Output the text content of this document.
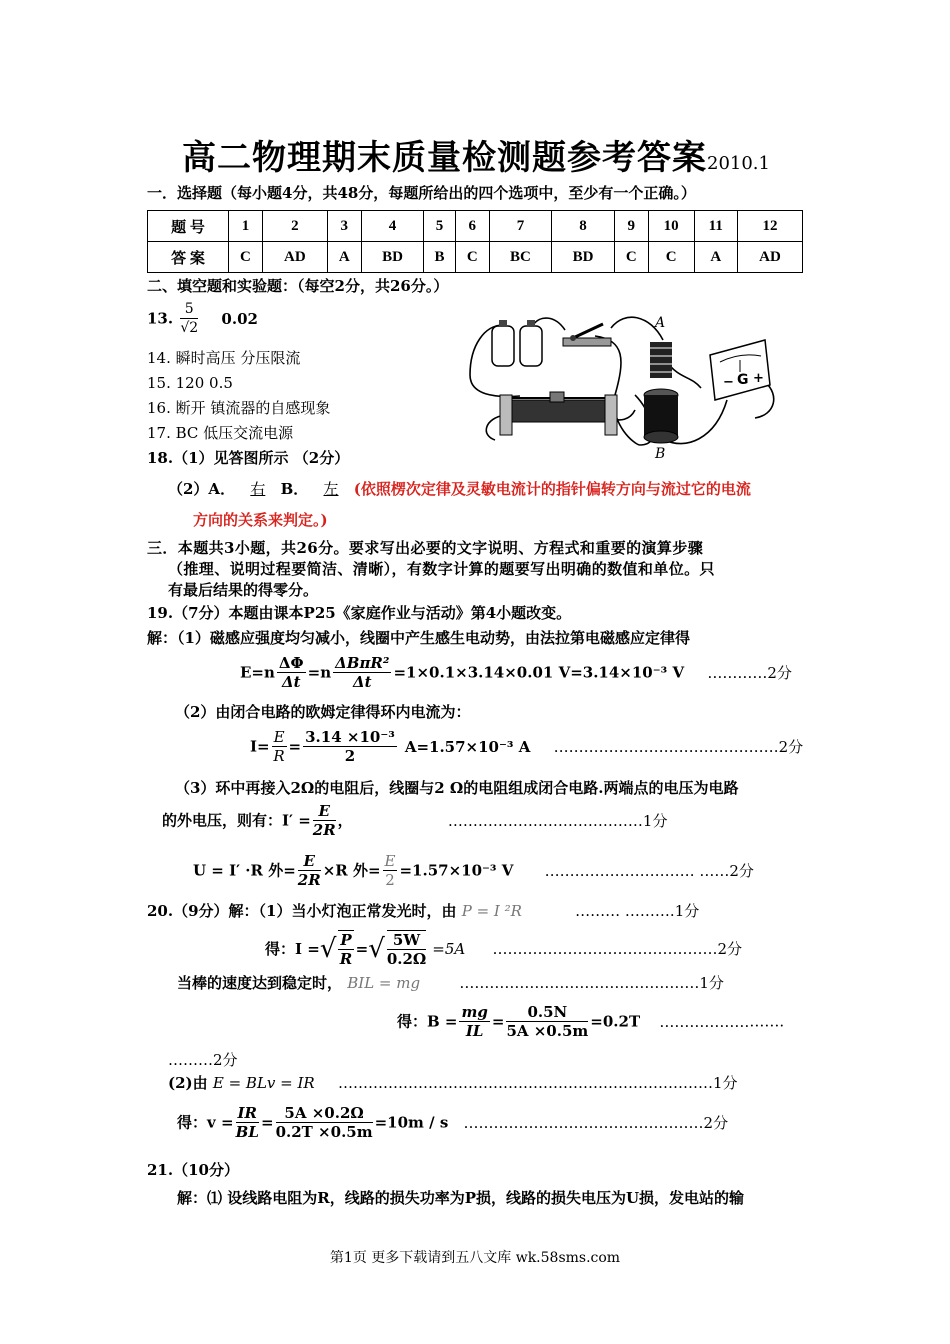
高二物理期末质量检测题参考答案2010.1
一．选择题（每小题4分，共48分，每题所给出的四个选项中，至少有一个正确。）
题 号	1	2	3	4	5	6	7	8	9	10	11	12
答 案	C	AD	A	BD	B	C	BC	BD	C	C	A	AD
二、填空题和实验题：（每空2分，共26分。）
13. $\frac{5}{√2} 0.02$
14. 瞬时高压 分压限流
15. 120 0.5
16. 断开 镇流器的自感现象
17. BC 低压交流电源
18.（1）见答图所示 （2分）
（2）A． 右 B． 左 (依照楞次定律及灵敏电流计的指针偏转方向与流过它的电流
方向的关系来判定。)
A
B
− G +
三．本题共3小题，共26分。要求写出必要的文字说明、方程式和重要的演算步骤
（推理、说明过程要简洁、清晰），有数字计算的题要写出明确的数值和单位。只
有最后结果的得零分。
19.（7分）本题由课本P25《家庭作业与活动》第4小题改变。
解：（1）磁感应强度均匀减小，线圈中产生感生电动势，由法拉第电磁感应定律得
$E=n \frac{\Delta\Phi}{\Delta t} =n \frac{\text{ΔBπR²}}{\Delta t} =1\times 0.1\times 3.14\times 0.01$ V=3.14×10⁻³ V …………2分
（2）由闭合电路的欧姆定律得环内电流为：
$I= \frac{E}{R} = \frac{\text{3.14 ×10⁻³}}{2} A=1.57\times 10^{-3}$ A ………………………………………2分
（3）环中再接入2Ω的电阻后，线圈与2 Ω的电阻组成闭合电路.两端点的电压为电路
的外电压，则有：$I' = \frac{E}{2R}$ ，	…………………………………1分
U = I′ ·R 外= $\frac{E}{2R} \times R$ 外= $\frac{E}{2} =1.57\times 10^{-3}$ V ………………………… ……2分
20.（9分）解：（1）当小灯泡正常发光时，由 P = I ²R	……… ……….1分
得：I =√ $\frac{P}{R}$ =√ $\frac{5W}{0.2\Omega} =5A$ ………………………………………2分
当棒的速度达到稳定时， BIL = mg	…………………………………………1分
得：$B = \frac{mg}{IL} = \frac{0.5N}{5A \times 0.5m} =0.2T$ …………………….
………2分
(2)由 E = BLv = IR …………………………………………………………………1分
得：$v = \frac{IR}{BL} = \frac{5A \times 0.2\Omega}{0.2T \times 0.5m} =10m / s$ …………………………………………2分
21.（10分）
解：⑴ 设线路电阻为R，线路的损失功率为P损，线路的损失电压为U损，发电站的输
第1页 更多下载请到五八文库 wk.58sms.com
